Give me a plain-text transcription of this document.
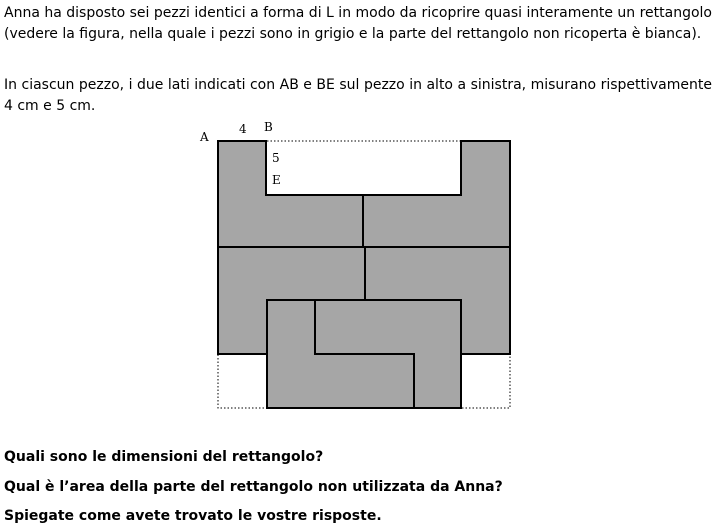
Anna ha disposto sei pezzi identici a forma di L in modo da ricoprire quasi interamente un rettangolo (vedere la figura, nella quale i pezzi sono in grigio e la parte del rettangolo non ricoperta è bianca).

In ciascun pezzo, i due lati indicati con AB e BE sul pezzo in alto a sinistra, misurano rispettivamente 4 cm e 5 cm.

A
4 B
5
E

Quali sono le dimensioni del rettangolo?

Qual è l’area della parte del rettangolo non utilizzata da Anna?

Spiegate come avete trovato le vostre risposte.
